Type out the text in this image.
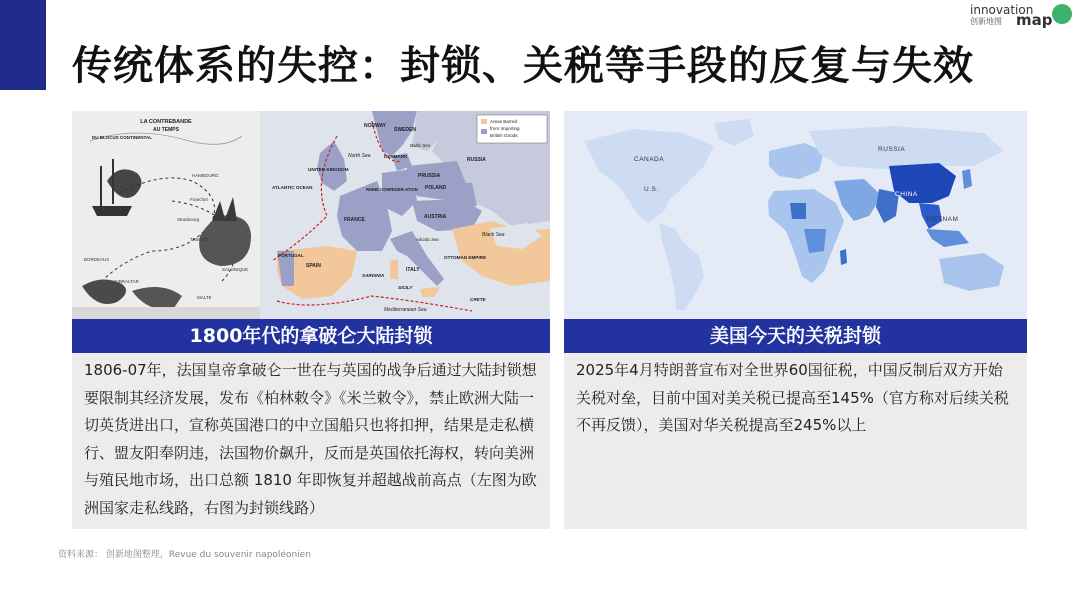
传统体系的失控：封锁、关税等手段的反复与失效
innovation
创新地图 map
HAMBOURG
Francfort
Strasbourg
TRIESTE
BORDEAUX
SALONIQUE
GIBRALTAR
MALTE
LA CONTREBANDE
AU TEMPS
DU BLOCUS CONTINENTAL
Areas Barred
from Importing
British Goods
NORWAY
SWEDEN
RUSSIA
UNITED KINGDOM
North Sea	DENMARK
PRUSSIA
POLAND
RHINE CONFEDER-ATION
ATLANTIC OCEAN
FRANCE	AUSTRIA
PORTUGAL
SPAIN
ITALY
SARDINIA
SICILY
OTTOMAN EMPIRE
Black Sea
CRETE
Mediterranean Sea
Baltic Sea
Adriatic Sea
1800年代的拿破仑大陆封锁
1806-07年，法国皇帝拿破仑一世在与英国的战争后通过大陆封锁想要限制其经济发展，发布《柏林敕令》《米兰敕令》，禁止欧洲大陆一切英货进出口，宣称英国港口的中立国船只也将扣押，结果是走私横行、盟友阳奉阴违，法国物价飙升，反而是英国依托海权，转向美洲与殖民地市场，出口总额 1810 年即恢复并超越战前高点（左图为欧洲国家走私线路，右图为封锁线路）
CANADA
U.S.
RUSSIA
CHINA
VIETNAM
美国今天的关税封锁
2025年4月特朗普宣布对全世界60国征税，中国反制后双方开始关税对垒，目前中国对美关税已提高至145%（官方称对后续关税不再反馈），美国对华关税提高至245%以上
资料来源： 创新地图整理，Revue du souvenir napoléonien
